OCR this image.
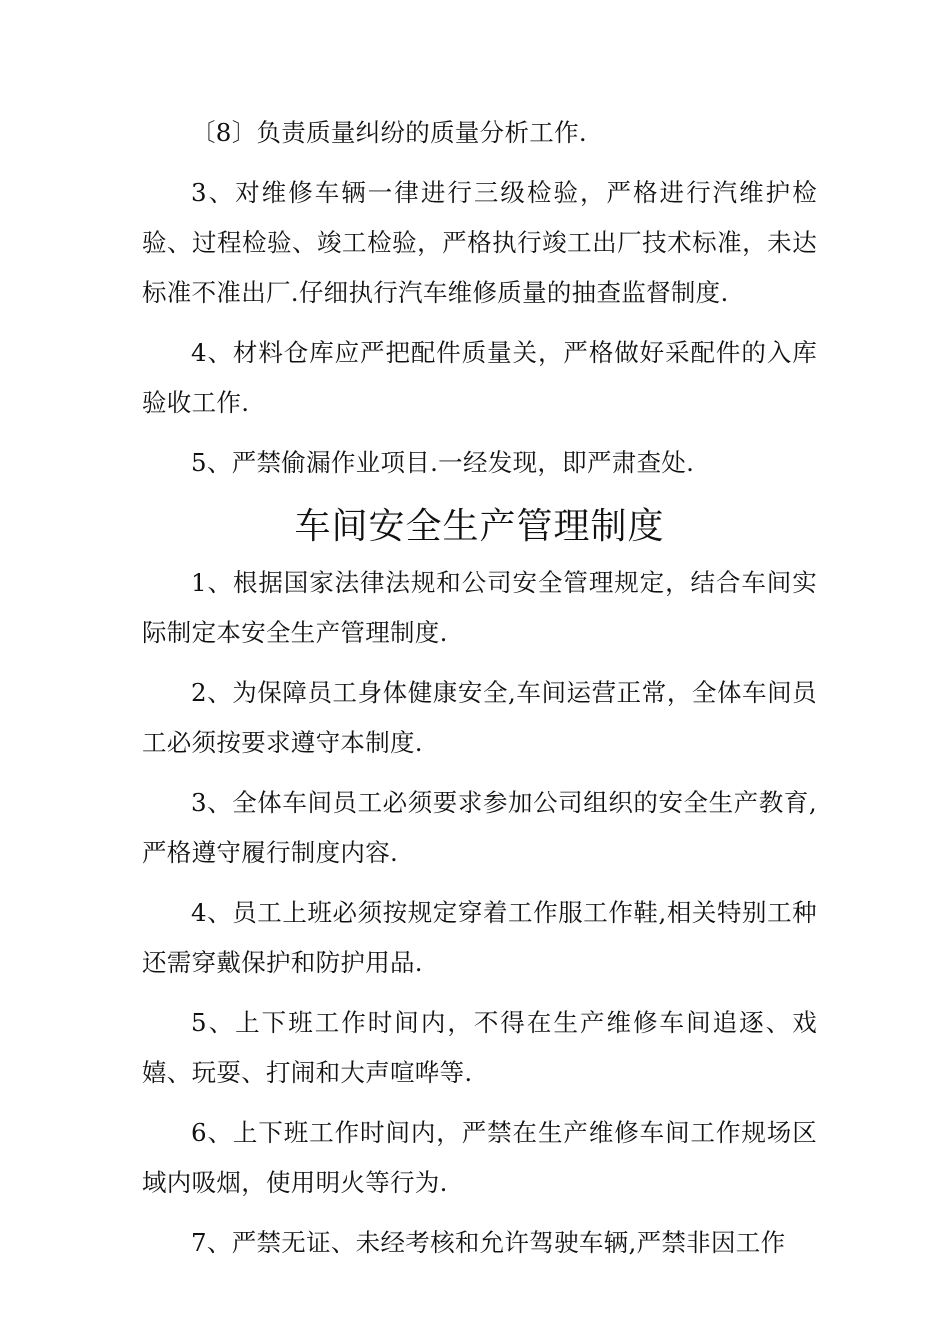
〔8〕负责质量纠纷的质量分析工作.

3、对维修车辆一律进行三级检验，严格进行汽维护检验、过程检验、竣工检验，严格执行竣工出厂技术标准，未达标准不准出厂.仔细执行汽车维修质量的抽查监督制度.

4、材料仓库应严把配件质量关，严格做好采配件的入库验收工作.

5、严禁偷漏作业项目.一经发现，即严肃查处.

车间安全生产管理制度

1、根据国家法律法规和公司安全管理规定，结合车间实际制定本安全生产管理制度.

2、为保障员工身体健康安全,车间运营正常，全体车间员工必须按要求遵守本制度.

3、全体车间员工必须要求参加公司组织的安全生产教育,严格遵守履行制度内容.

4、员工上班必须按规定穿着工作服工作鞋,相关特别工种还需穿戴保护和防护用品.

5、上下班工作时间内，不得在生产维修车间追逐、戏嬉、玩耍、打闹和大声喧哗等.

6、上下班工作时间内，严禁在生产维修车间工作规场区域内吸烟，使用明火等行为.

7、严禁无证、未经考核和允许驾驶车辆,严禁非因工作
